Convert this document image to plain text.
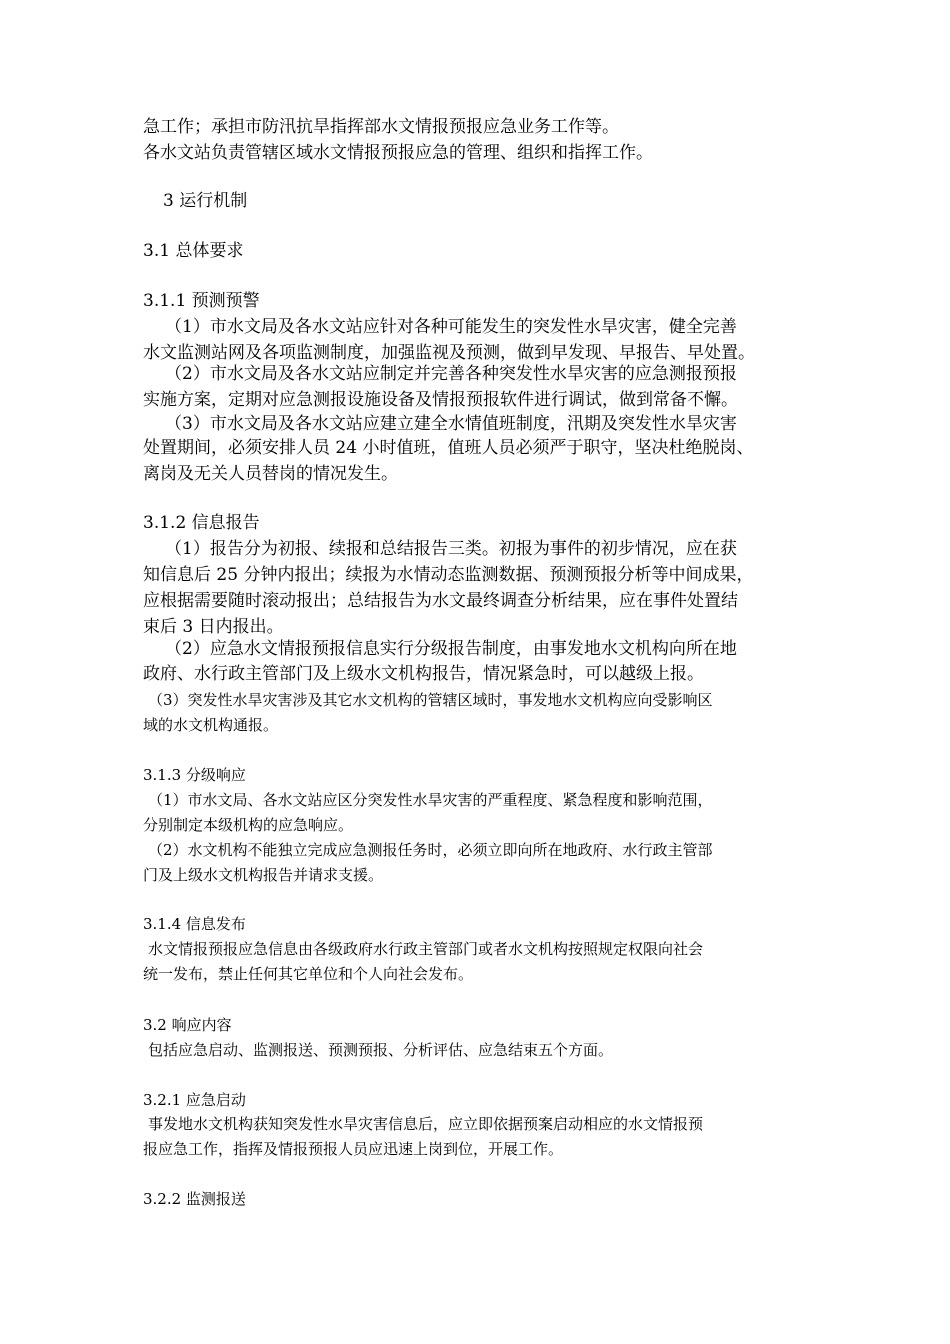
急工作；承担市防汛抗旱指挥部水文情报预报应急业务工作等。
各水文站负责管辖区域水文情报预报应急的管理、组织和指挥工作。
3 运行机制
3.1 总体要求
3.1.1 预测预警
（1）市水文局及各水文站应针对各种可能发生的突发性水旱灾害，健全完善
水文监测站网及各项监测制度，加强监视及预测，做到早发现、早报告、早处置。
（2）市水文局及各水文站应制定并完善各种突发性水旱灾害的应急测报预报
实施方案，定期对应急测报设施设备及情报预报软件进行调试，做到常备不懈。
（3）市水文局及各水文站应建立建全水情值班制度，汛期及突发性水旱灾害
处置期间，必须安排人员 24 小时值班，值班人员必须严于职守，坚决杜绝脱岗、
离岗及无关人员替岗的情况发生。
3.1.2 信息报告
（1）报告分为初报、续报和总结报告三类。初报为事件的初步情况，应在获
知信息后 25 分钟内报出；续报为水情动态监测数据、预测预报分析等中间成果，
应根据需要随时滚动报出；总结报告为水文最终调查分析结果，应在事件处置结
束后 3 日内报出。
（2）应急水文情报预报信息实行分级报告制度，由事发地水文机构向所在地
政府、水行政主管部门及上级水文机构报告，情况紧急时，可以越级上报。
（3）突发性水旱灾害涉及其它水文机构的管辖区域时，事发地水文机构应向受影响区
域的水文机构通报。
3.1.3 分级响应
（1）市水文局、各水文站应区分突发性水旱灾害的严重程度、紧急程度和影响范围，
分别制定本级机构的应急响应。
（2）水文机构不能独立完成应急测报任务时，必须立即向所在地政府、水行政主管部
门及上级水文机构报告并请求支援。
3.1.4 信息发布
水文情报预报应急信息由各级政府水行政主管部门或者水文机构按照规定权限向社会
统一发布，禁止任何其它单位和个人向社会发布。
3.2 响应内容
包括应急启动、监测报送、预测预报、分析评估、应急结束五个方面。
3.2.1 应急启动
事发地水文机构获知突发性水旱灾害信息后，应立即依据预案启动相应的水文情报预
报应急工作，指挥及情报预报人员应迅速上岗到位，开展工作。
3.2.2 监测报送
